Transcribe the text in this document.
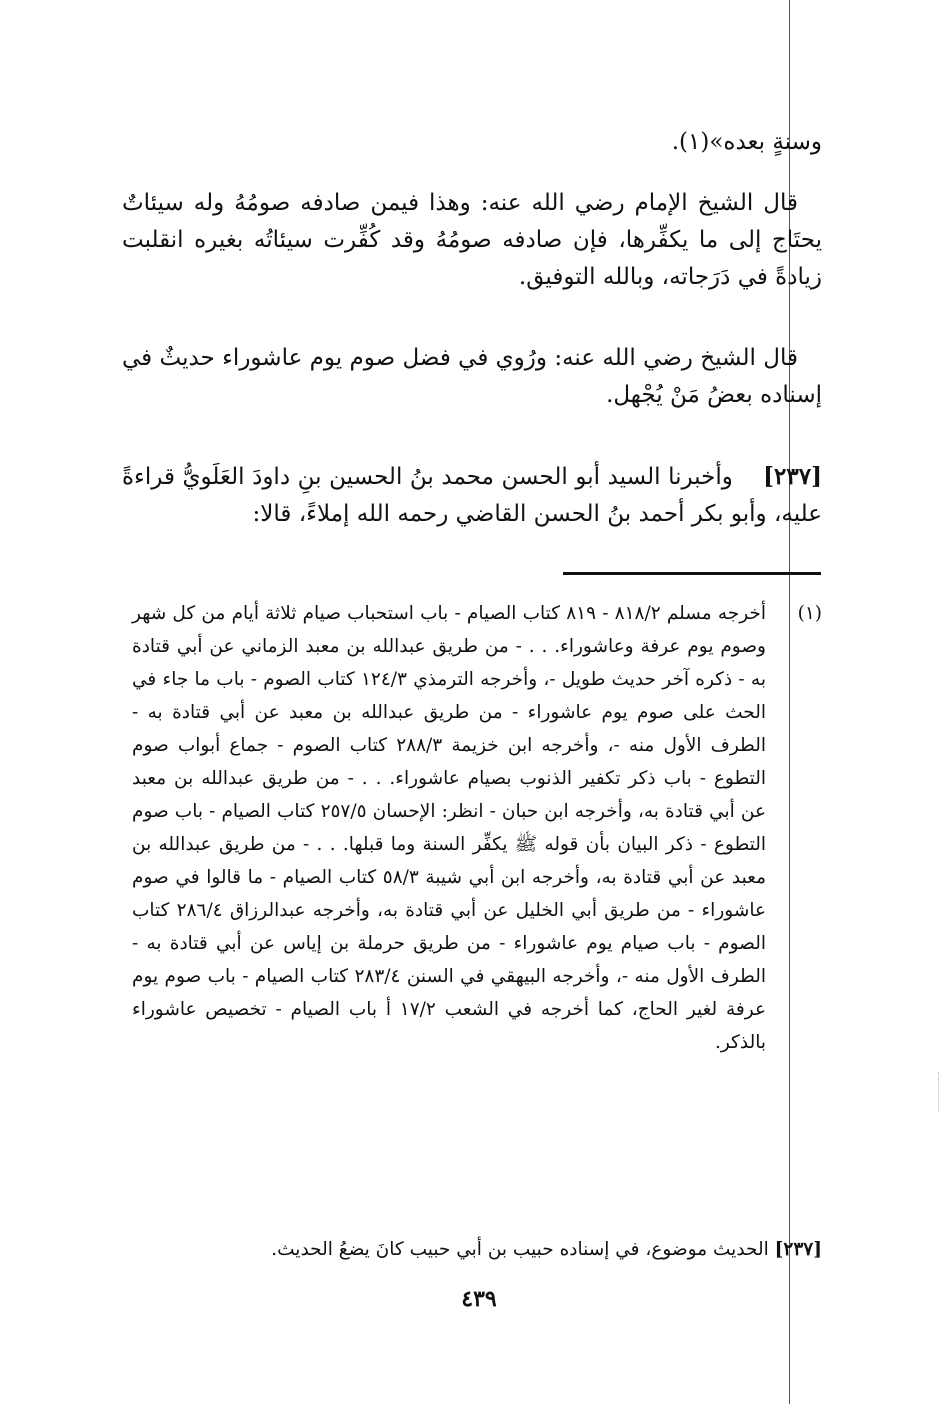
وسنةٍ بعده»(١).

قال الشيخ الإمام رضي الله عنه: وهذا فيمن صادفه صومُهُ وله سيئاتٌ يحتَاج إلى ما يكفِّرها، فإن صادفه صومُهُ وقد كُفِّرت سيئاتُه بغيره انقلبت زيادةً في دَرَجاته، وبالله التوفيق.

قال الشيخ رضي الله عنه: ورُوي في فضل صوم يوم عاشوراء حديثٌ في إسناده بعضُ مَنْ يُجْهل.

[٢٣٧]    وأخبرنا السيد أبو الحسن محمد بنُ الحسين بنِ داودَ العَلَويُّ قراءةً عليه، وأبو بكر أحمد بنُ الحسن القاضي رحمه الله إملاءً، قالا:

(١)
أخرجه مسلم ٨١٨/٢ - ٨١٩ كتاب الصيام - باب استحباب صيام ثلاثة أيام من كل شهر وصوم يوم عرفة وعاشوراء. . . - من طريق عبدالله بن معبد الزماني عن أبي قتادة به - ذكره آخر حديث طويل -، وأخرجه الترمذي ١٢٤/٣ كتاب الصوم - باب ما جاء في الحث على صوم يوم عاشوراء - من طريق عبدالله بن معبد عن أبي قتادة به - الطرف الأول منه -، وأخرجه ابن خزيمة ٢٨٨/٣ كتاب الصوم - جماع أبواب صوم التطوع - باب ذكر تكفير الذنوب بصيام عاشوراء. . . - من طريق عبدالله بن معبد عن أبي قتادة به، وأخرجه ابن حبان - انظر: الإحسان ٢٥٧/٥ كتاب الصيام - باب صوم التطوع - ذكر البيان بأن قوله ﷺ يكفِّر السنة وما قبلها. . . - من طريق عبدالله بن معبد عن أبي قتادة به، وأخرجه ابن أبي شيبة ٥٨/٣ كتاب الصيام - ما قالوا في صوم عاشوراء - من طريق أبي الخليل عن أبي قتادة به، وأخرجه عبدالرزاق ٢٨٦/٤ كتاب الصوم - باب صيام يوم عاشوراء - من طريق حرملة بن إياس عن أبي قتادة به - الطرف الأول منه -، وأخرجه البيهقي في السنن ٢٨٣/٤ كتاب الصيام - باب صوم يوم عرفة لغير الحاج، كما أخرجه في الشعب ١٧/٢ أ باب الصيام - تخصيص عاشوراء بالذكر.
[٢٣٧] الحديث موضوع، في إسناده حبيب بن أبي حبيب كانَ يضعُ الحديث.
٤٣٩
